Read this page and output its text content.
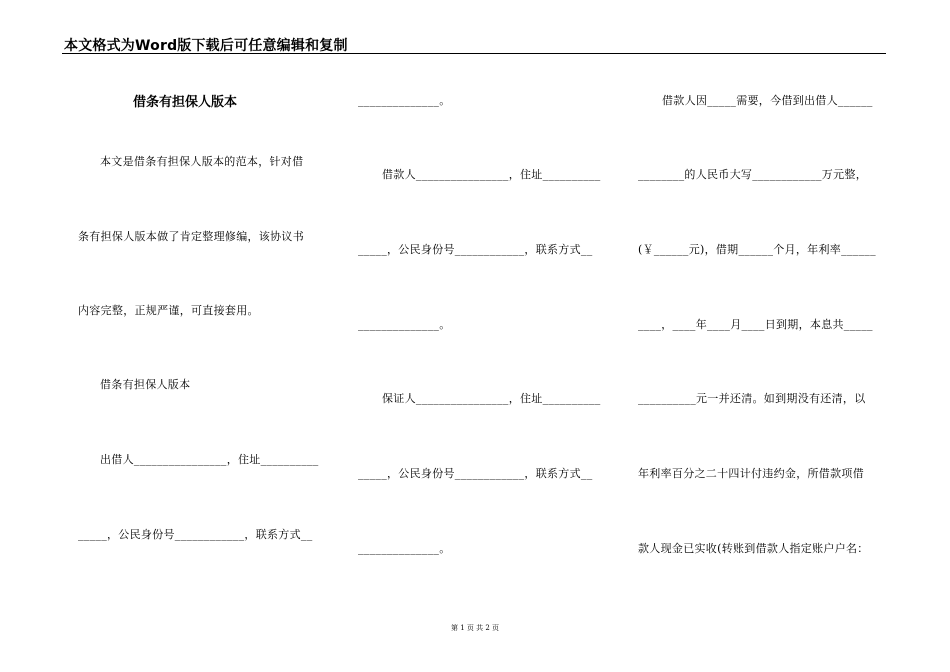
本文格式为Word版下载后可任意编辑和复制
借条有担保人版本
本文是借条有担保人版本的范本，针对借
条有担保人版本做了肯定整理修编，该协议书
内容完整，正规严谨，可直接套用。
借条有担保人版本
出借人________________，住址__________
_____，公民身份号____________，联系方式__
______________。
借款人________________，住址__________
_____，公民身份号____________，联系方式__
______________。
保证人________________，住址__________
_____，公民身份号____________，联系方式__
______________。
借款人因_____需要，今借到出借人______
________的人民币大写____________万元整，
(￥______元)，借期______个月，年利率______
____，____年____月____日到期，本息共_____
__________元一并还清。如到期没有还清，以
年利率百分之二十四计付违约金，所借款项借
款人现金已实收(转账到借款人指定账户户名：
第 1 页 共 2 页
